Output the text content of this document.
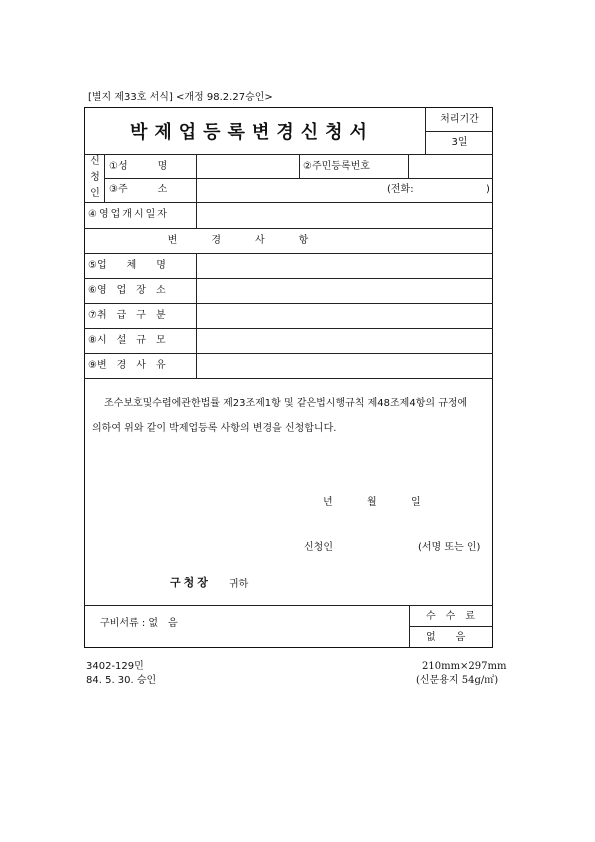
[별지 제33호 서식] <개정 98.2.27승인>
박제업등록변경신청서
처리기간
3일
신
청
인
①성　　　명	②주민등록번호
③주　　　소	(전화:	)
④영업개시일자
변　경　사　항
⑤업　　체　　명
⑥영　업　장　소
⑦취　급　구　분
⑧시　설　규　모
⑨변　경　사　유
조수보호및수렵에관한법률 제23조제1항 및 같은법시행규칙 제48조제4항의 규정에
의하여 위와 같이 박제업등록 사항의 변경을 신청합니다.
년	월	일
신청인	(서명 또는 인)
구청장 귀하
구비서류 : 없　음
수　수　료
없　　음
3402-129민
84. 5. 30. 승인
210mm×297mm
(신문용지 54g/㎡)
